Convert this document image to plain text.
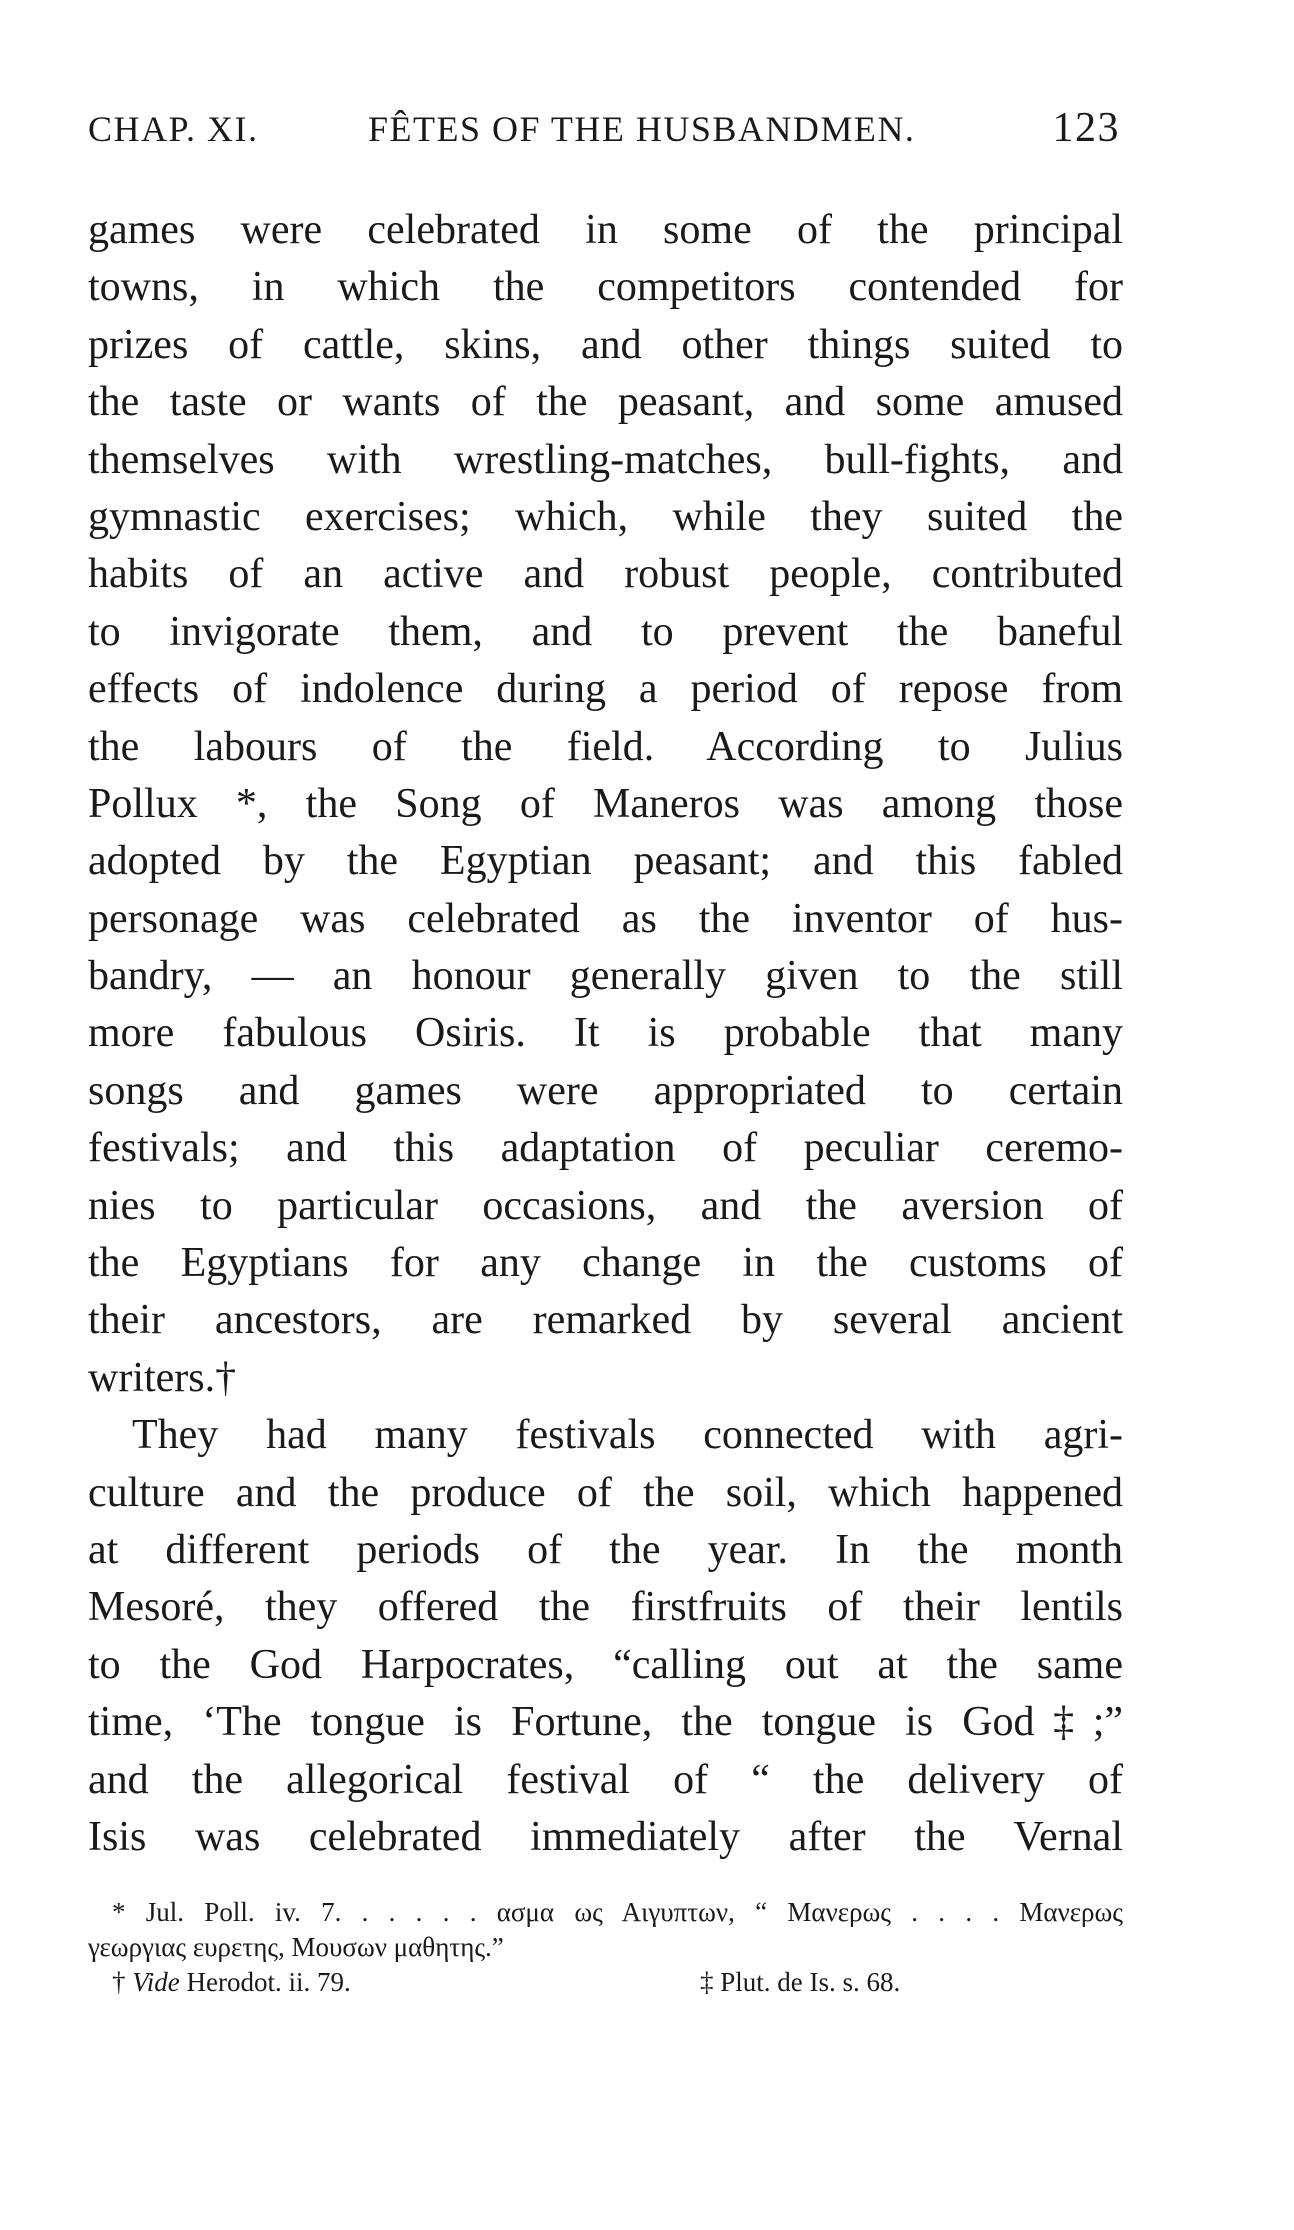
CHAP. XI.	FÊTES OF THE HUSBANDMEN.	123
games were celebrated in some of the principal
towns, in which the competitors contended for
prizes of cattle, skins, and other things suited to
the taste or wants of the peasant, and some amused
themselves with wrestling-matches, bull-fights, and
gymnastic exercises; which, while they suited the
habits of an active and robust people, contributed
to invigorate them, and to prevent the baneful
effects of indolence during a period of repose from
the labours of the field. According to Julius
Pollux *, the Song of Maneros was among those
adopted by the Egyptian peasant; and this fabled
personage was celebrated as the inventor of hus-
bandry, — an honour generally given to the still
more fabulous Osiris. It is probable that many
songs and games were appropriated to certain
festivals; and this adaptation of peculiar ceremo-
nies to particular occasions, and the aversion of
the Egyptians for any change in the customs of
their ancestors, are remarked by several ancient
writers.†
They had many festivals connected with agri-
culture and the produce of the soil, which happened
at different periods of the year. In the month
Mesoré, they offered the firstfruits of their lentils
to the God Harpocrates, “calling out at the same
time, ‘The tongue is Fortune, the tongue is God‡;”
and the allegorical festival of “ the delivery of
Isis was celebrated immediately after the Vernal
* Jul. Poll. iv. 7. . . . . . ασμα ως Αιγυπτων, “ Μανερως . . . . Μανερως
γεωργιας ευρετης, Μουσων μαθητης.”
† Vide Herodot. ii. 79.	‡ Plut. de Is. s. 68.
